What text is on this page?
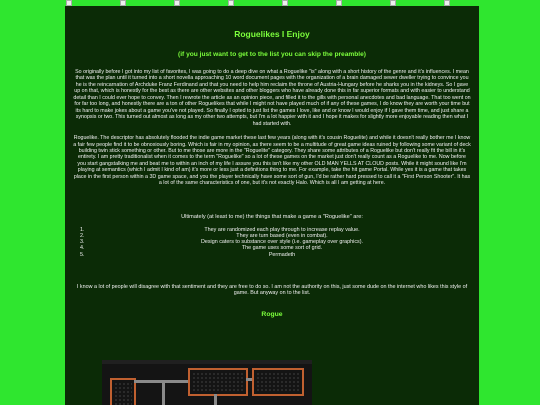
Roguelikes I Enjoy
(if you just want to get to the list you can skip the preamble)

So originally before I got into my list of favorites, I was going to do a deep dive on what a Roguelike "is" along with a short history of the genre and it's influences. I mean that was the plan until it turned into a short novella approaching 10 word document pages with the organization of a brain damaged sewer dweller trying to convince you he is the reincarnation of Archduke Franz Ferdinand and that you need to help him reclaim the throne of Austria-Hungary before he sharks you in the kidneys. So I gave up on that, which is honestly for the best as there are other websites and other bloggers who have already done this in far superior formats and with easier to understand detail than I could ever hope to convey. Then I rewrote the article as an opinion piece, and filled it to the gills with personal anecdotes and bad language. That too went on for far too long, and honestly there are a ton of other Roguelikes that while I might not have played much of if any of these games, I do know they are worth your time but its hard to make jokes about a game you've not played. So finally I opted to just list the games I love, like and or know I would enjoy if I gave them time, and just share a synopsis or two. This turned out almost as long as my other two attempts, but I'm a lot happier with it and I hope it makes for slightly more enjoyable reading then what I had started with.

Roguelike. The descriptor has absolutely flooded the indie game market these last few years (along with it's cousin Roguelite) and while it doesn't really bother me I know a fair few people find it to be obnoxiously boring. Which is fair in my opinion, as there seem to be a multitude of great game ideas ruined by following some variant of deck building twin stick something or other. But to me those are more in the "Roguelite" category. They share some attributes of a Roguelike but don't really fit the bill in it's entirety. I am pretty traditionalist when it comes to the term "Roguelike" so a lot of these games on the market just don't really count as a Roguelike to me. Now before you start gangstalking me and beat me to within an inch of my life I assure you this isn't like my other OLD MAN YELLS AT CLOUD posts. While it might sound like I'm playing at semantics (which I admit I kind of am) it's more or less just a definitions thing to me. For example, take the hit game Portal. While yes it is a game that takes place in the first person within a 3D game space, and you the player technically have some sort of gun, I'd be rather hard pressed to call it a "First Person Shooter". It has a lot of the same characteristics of one, but it's not exactly Halo. Which is all I am getting at here.

Ultimately (at least to me) the things that make a game a "Roguelike" are:
1.	They are randomized each play through to increase replay value.
2.	They are turn based (even in combat).
3.	Design caters to substance over style (i.e. gameplay over graphics).
4.	The game uses some sort of grid.
5.	Permadeth

I know a lot of people will disagree with that sentiment and they are free to do so. I am not the authority on this, just some dude on the internet who likes this style of game. But anyway on to the list.

Rogue
